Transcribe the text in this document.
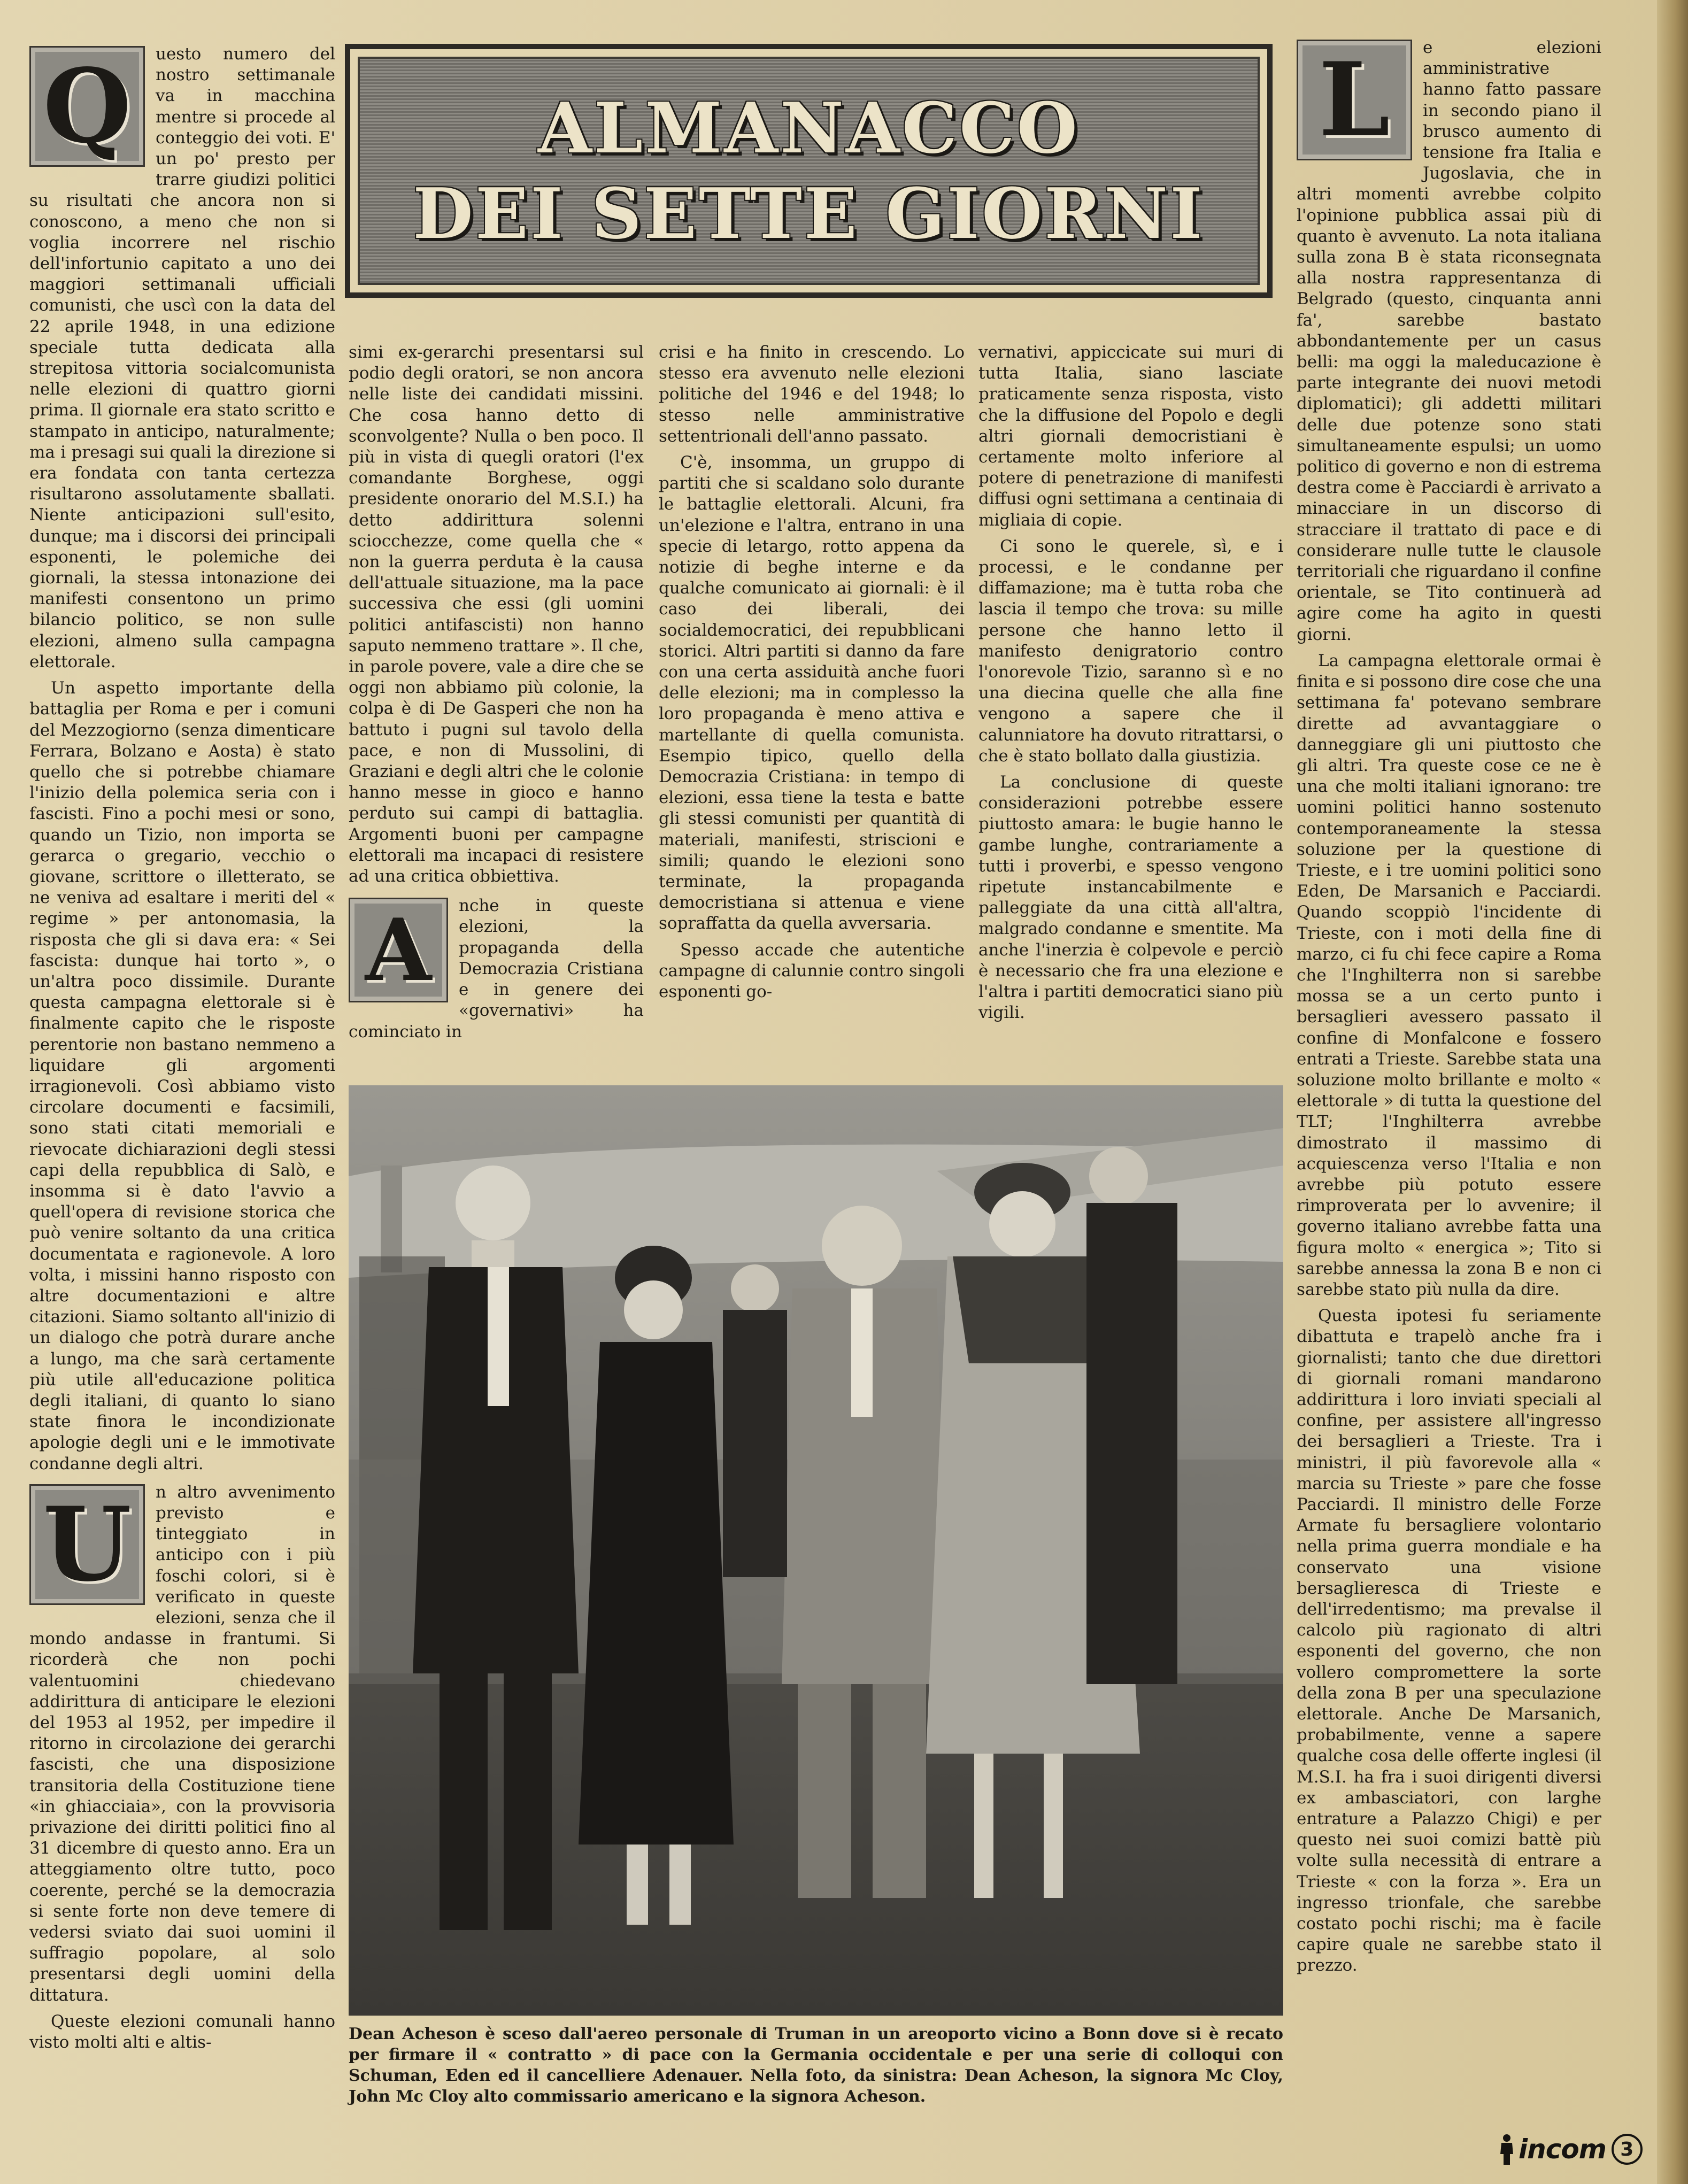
Q	uesto numero del nostro settimanale va in macchina mentre si procede al conteggio dei voti. E' un po' presto per trarre giudizi politici su risultati che ancora non si conoscono, a meno che non si voglia incorrere nel rischio dell'infortunio capitato a uno dei maggiori settimanali ufficiali comunisti, che uscì con la data del 22 aprile 1948, in una edizione speciale tutta dedicata alla strepitosa vittoria socialcomunista nelle elezioni di quattro giorni prima. Il giornale era stato scritto e stampato in anticipo, naturalmente; ma i presagi sui quali la direzione si era fondata con tanta certezza risultarono assolutamente sballati. Niente anticipazioni sull'esito, dunque; ma i discorsi dei principali esponenti, le polemiche dei giornali, la stessa intonazione dei manifesti consentono un primo bilancio politico, se non sulle elezioni, almeno sulla campagna elettorale.

Un aspetto importante della battaglia per Roma e per i comuni del Mezzogiorno (senza dimenticare Ferrara, Bolzano e Aosta) è stato quello che si potrebbe chiamare l'inizio della polemica seria con i fascisti. Fino a pochi mesi or sono, quando un Tizio, non importa se gerarca o gregario, vecchio o giovane, scrittore o illetterato, se ne veniva ad esaltare i meriti del « regime » per antonomasia, la risposta che gli si dava era: « Sei fascista: dunque hai torto », o un'altra poco dissimile. Durante questa campagna elettorale si è finalmente capito che le risposte perentorie non bastano nemmeno a liquidare gli argomenti irragionevoli. Così abbiamo visto circolare documenti e facsimili, sono stati citati memoriali e rievocate dichiarazioni degli stessi capi della repubblica di Salò, e insomma si è dato l'avvio a quell'opera di revisione storica che può venire soltanto da una critica documentata e ragionevole. A loro volta, i missini hanno risposto con altre documentazioni e altre citazioni. Siamo soltanto all'inizio di un dialogo che potrà durare anche a lungo, ma che sarà certamente più utile all'educazione politica degli italiani, di quanto lo siano state finora le incondizionate apologie degli uni e le immotivate condanne degli altri.

U	n altro avvenimento previsto e tinteggiato in anticipo con i più foschi colori, si è verificato in queste elezioni, senza che il mondo andasse in frantumi. Si ricorderà che non pochi valentuomini chiedevano addirittura di anticipare le elezioni del 1953 al 1952, per impedire il ritorno in circolazione dei gerarchi fascisti, che una disposizione transitoria della Costituzione tiene «in ghiacciaia», con la provvisoria privazione dei diritti politici fino al 31 dicembre di questo anno. Era un atteggiamento oltre tutto, poco coerente, perché se la democrazia si sente forte non deve temere di vedersi sviato dai suoi uomini il suffragio popolare, al solo presentarsi degli uomini della dittatura.

Queste elezioni comunali hanno visto molti alti e altis-

ALMANACCO
DEI SETTE GIORNI

simi ex-gerarchi presentarsi sul podio degli oratori, se non ancora nelle liste dei candidati missini. Che cosa hanno detto di sconvolgente? Nulla o ben poco. Il più in vista di quegli oratori (l'ex comandante Borghese, oggi presidente onorario del M.S.I.) ha detto addirittura solenni sciocchezze, come quella che « non la guerra perduta è la causa dell'attuale situazione, ma la pace successiva che essi (gli uomini politici antifascisti) non hanno saputo nemmeno trattare ». Il che, in parole povere, vale a dire che se oggi non abbiamo più colonie, la colpa è di De Gasperi che non ha battuto i pugni sul tavolo della pace, e non di Mussolini, di Graziani e degli altri che le colonie hanno messe in gioco e hanno perduto sui campi di battaglia. Argomenti buoni per campagne elettorali ma incapaci di resistere ad una critica obbiettiva.

A	nche in queste elezioni, la propaganda della Democrazia Cristiana e in genere dei «governativi» ha cominciato in

crisi e ha finito in crescendo. Lo stesso era avvenuto nelle elezioni politiche del 1946 e del 1948; lo stesso nelle amministrative settentrionali dell'anno passato.

C'è, insomma, un gruppo di partiti che si scaldano solo durante le battaglie elettorali. Alcuni, fra un'elezione e l'altra, entrano in una specie di letargo, rotto appena da notizie di beghe interne e da qualche comunicato ai giornali: è il caso dei liberali, dei socialdemocratici, dei repubblicani storici. Altri partiti si danno da fare con una certa assiduità anche fuori delle elezioni; ma in complesso la loro propaganda è meno attiva e martellante di quella comunista. Esempio tipico, quello della Democrazia Cristiana: in tempo di elezioni, essa tiene la testa e batte gli stessi comunisti per quantità di materiali, manifesti, striscioni e simili; quando le elezioni sono terminate, la propaganda democristiana si attenua e viene sopraffatta da quella avversaria.

Spesso accade che autentiche campagne di calunnie contro singoli esponenti go-

vernativi, appiccicate sui muri di tutta Italia, siano lasciate praticamente senza risposta, visto che la diffusione del Popolo e degli altri giornali democristiani è certamente molto inferiore al potere di penetrazione di manifesti diffusi ogni settimana a centinaia di migliaia di copie.

Ci sono le querele, sì, e i processi, e le condanne per diffamazione; ma è tutta roba che lascia il tempo che trova: su mille persone che hanno letto il manifesto denigratorio contro l'onorevole Tizio, saranno sì e no una diecina quelle che alla fine vengono a sapere che il calunniatore ha dovuto ritrattarsi, o che è stato bollato dalla giustizia.

La conclusione di queste considerazioni potrebbe essere piuttosto amara: le bugie hanno le gambe lunghe, contrariamente a tutti i proverbi, e spesso vengono ripetute instancabilmente e palleggiate da una città all'altra, malgrado condanne e smentite. Ma anche l'inerzia è colpevole e perciò è necessario che fra una elezione e l'altra i partiti democratici siano più vigili.

L	e elezioni amministrative hanno fatto passare in secondo piano il brusco aumento di tensione fra Italia e Jugoslavia, che in altri momenti avrebbe colpito l'opinione pubblica assai più di quanto è avvenuto. La nota italiana sulla zona B è stata riconsegnata alla nostra rappresentanza di Belgrado (questo, cinquanta anni fa', sarebbe bastato abbondantemente per un casus belli: ma oggi la maleducazione è parte integrante dei nuovi metodi diplomatici); gli addetti militari delle due potenze sono stati simultaneamente espulsi; un uomo politico di governo e non di estrema destra come è Pacciardi è arrivato a minacciare in un discorso di stracciare il trattato di pace e di considerare nulle tutte le clausole territoriali che riguardano il confine orientale, se Tito continuerà ad agire come ha agito in questi giorni.

La campagna elettorale ormai è finita e si possono dire cose che una settimana fa' potevano sembrare dirette ad avvantaggiare o danneggiare gli uni piuttosto che gli altri. Tra queste cose ce ne è una che molti italiani ignorano: tre uomini politici hanno sostenuto contemporaneamente la stessa soluzione per la questione di Trieste, e i tre uomini politici sono Eden, De Marsanich e Pacciardi. Quando scoppiò l'incidente di Trieste, con i moti della fine di marzo, ci fu chi fece capire a Roma che l'Inghilterra non si sarebbe mossa se a un certo punto i bersaglieri avessero passato il confine di Monfalcone e fossero entrati a Trieste. Sarebbe stata una soluzione molto brillante e molto « elettorale » di tutta la questione del TLT; l'Inghilterra avrebbe dimostrato il massimo di acquiescenza verso l'Italia e non avrebbe più potuto essere rimproverata per lo avvenire; il governo italiano avrebbe fatta una figura molto « energica »; Tito si sarebbe annessa la zona B e non ci sarebbe stato più nulla da dire.

Questa ipotesi fu seriamente dibattuta e trapelò anche fra i giornalisti; tanto che due direttori di giornali romani mandarono addirittura i loro inviati speciali al confine, per assistere all'ingresso dei bersaglieri a Trieste. Tra i ministri, il più favorevole alla « marcia su Trieste » pare che fosse Pacciardi. Il ministro delle Forze Armate fu bersagliere volontario nella prima guerra mondiale e ha conservato una visione bersaglieresca di Trieste e dell'irredentismo; ma prevalse il calcolo più ragionato di altri esponenti del governo, che non vollero compromettere la sorte della zona B per una speculazione elettorale. Anche De Marsanich, probabilmente, venne a sapere qualche cosa delle offerte inglesi (il M.S.I. ha fra i suoi dirigenti diversi ex ambasciatori, con larghe entrature a Palazzo Chigi) e per questo nei suoi comizi battè più volte sulla necessità di entrare a Trieste « con la forza ». Era un ingresso trionfale, che sarebbe costato pochi rischi; ma è facile capire quale ne sarebbe stato il prezzo.

Dean Acheson è sceso dall'aereo personale di Truman in un areoporto vicino a Bonn dove si è recato per firmare il « contratto » di pace con la Germania occidentale e per una serie di colloqui con Schuman, Eden ed il cancelliere Adenauer. Nella foto, da sinistra: Dean Acheson, la signora Mc Cloy, John Mc Cloy alto commissario americano e la signora Acheson.
incom 3
